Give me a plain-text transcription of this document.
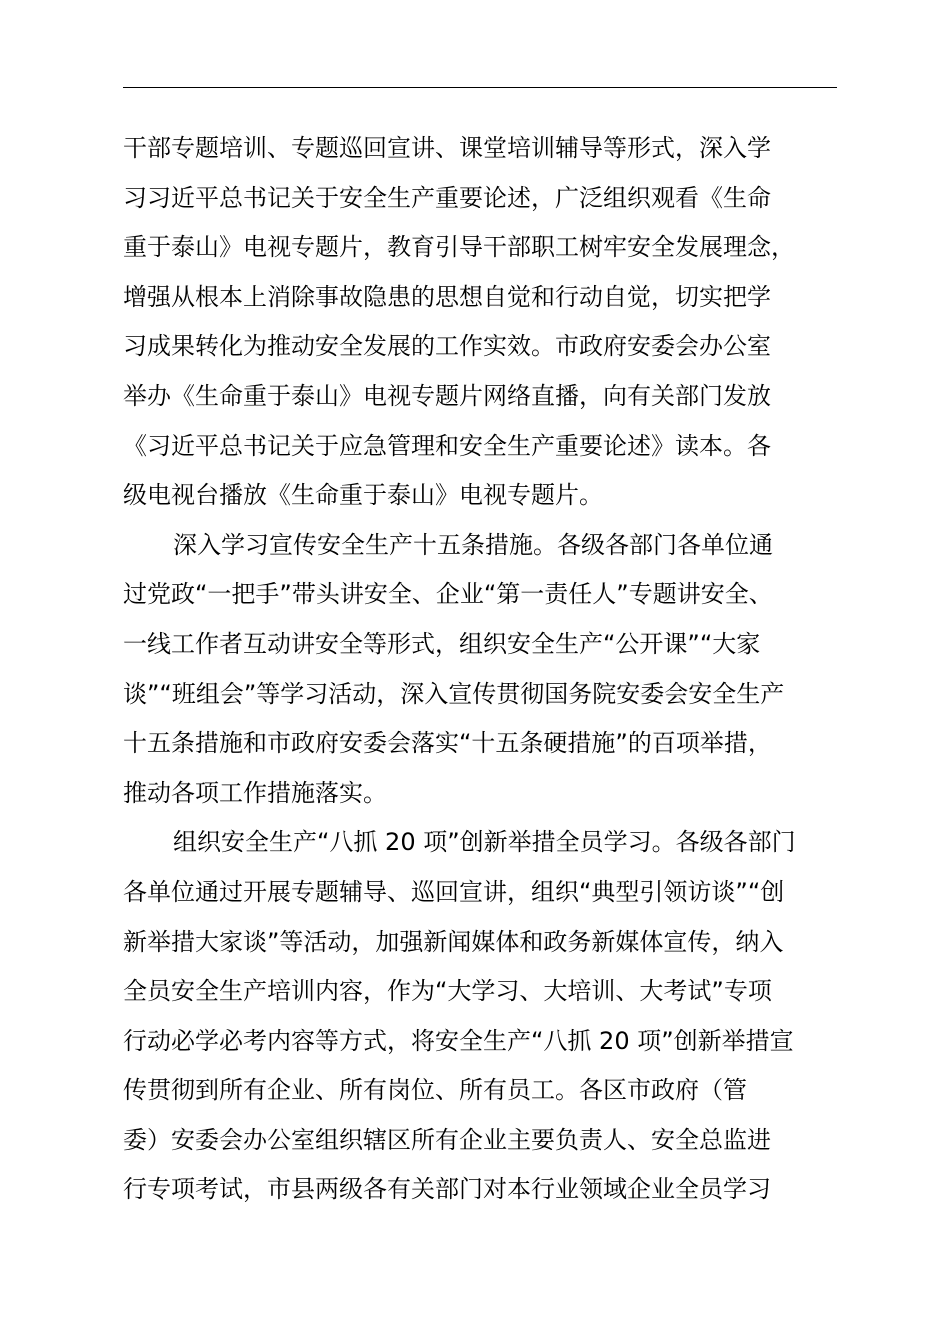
干部专题培训、专题巡回宣讲、课堂培训辅导等形式，深入学
习习近平总书记关于安全生产重要论述，广泛组织观看《生命
重于泰山》电视专题片，教育引导干部职工树牢安全发展理念，
增强从根本上消除事故隐患的思想自觉和行动自觉，切实把学
习成果转化为推动安全发展的工作实效。市政府安委会办公室
举办《生命重于泰山》电视专题片网络直播，向有关部门发放
《习近平总书记关于应急管理和安全生产重要论述》读本。各
级电视台播放《生命重于泰山》电视专题片。
深入学习宣传安全生产十五条措施。各级各部门各单位通
过党政“一把手”带头讲安全、企业“第一责任人”专题讲安全、
一线工作者互动讲安全等形式，组织安全生产“公开课”“大家
谈”“班组会”等学习活动，深入宣传贯彻国务院安委会安全生产
十五条措施和市政府安委会落实“十五条硬措施”的百项举措，
推动各项工作措施落实。
组织安全生产“八抓 20 项”创新举措全员学习。各级各部门
各单位通过开展专题辅导、巡回宣讲，组织“典型引领访谈”“创
新举措大家谈”等活动，加强新闻媒体和政务新媒体宣传，纳入
全员安全生产培训内容，作为“大学习、大培训、大考试”专项
行动必学必考内容等方式，将安全生产“八抓 20 项”创新举措宣
传贯彻到所有企业、所有岗位、所有员工。各区市政府（管
委）安委会办公室组织辖区所有企业主要负责人、安全总监进
行专项考试，市县两级各有关部门对本行业领域企业全员学习
